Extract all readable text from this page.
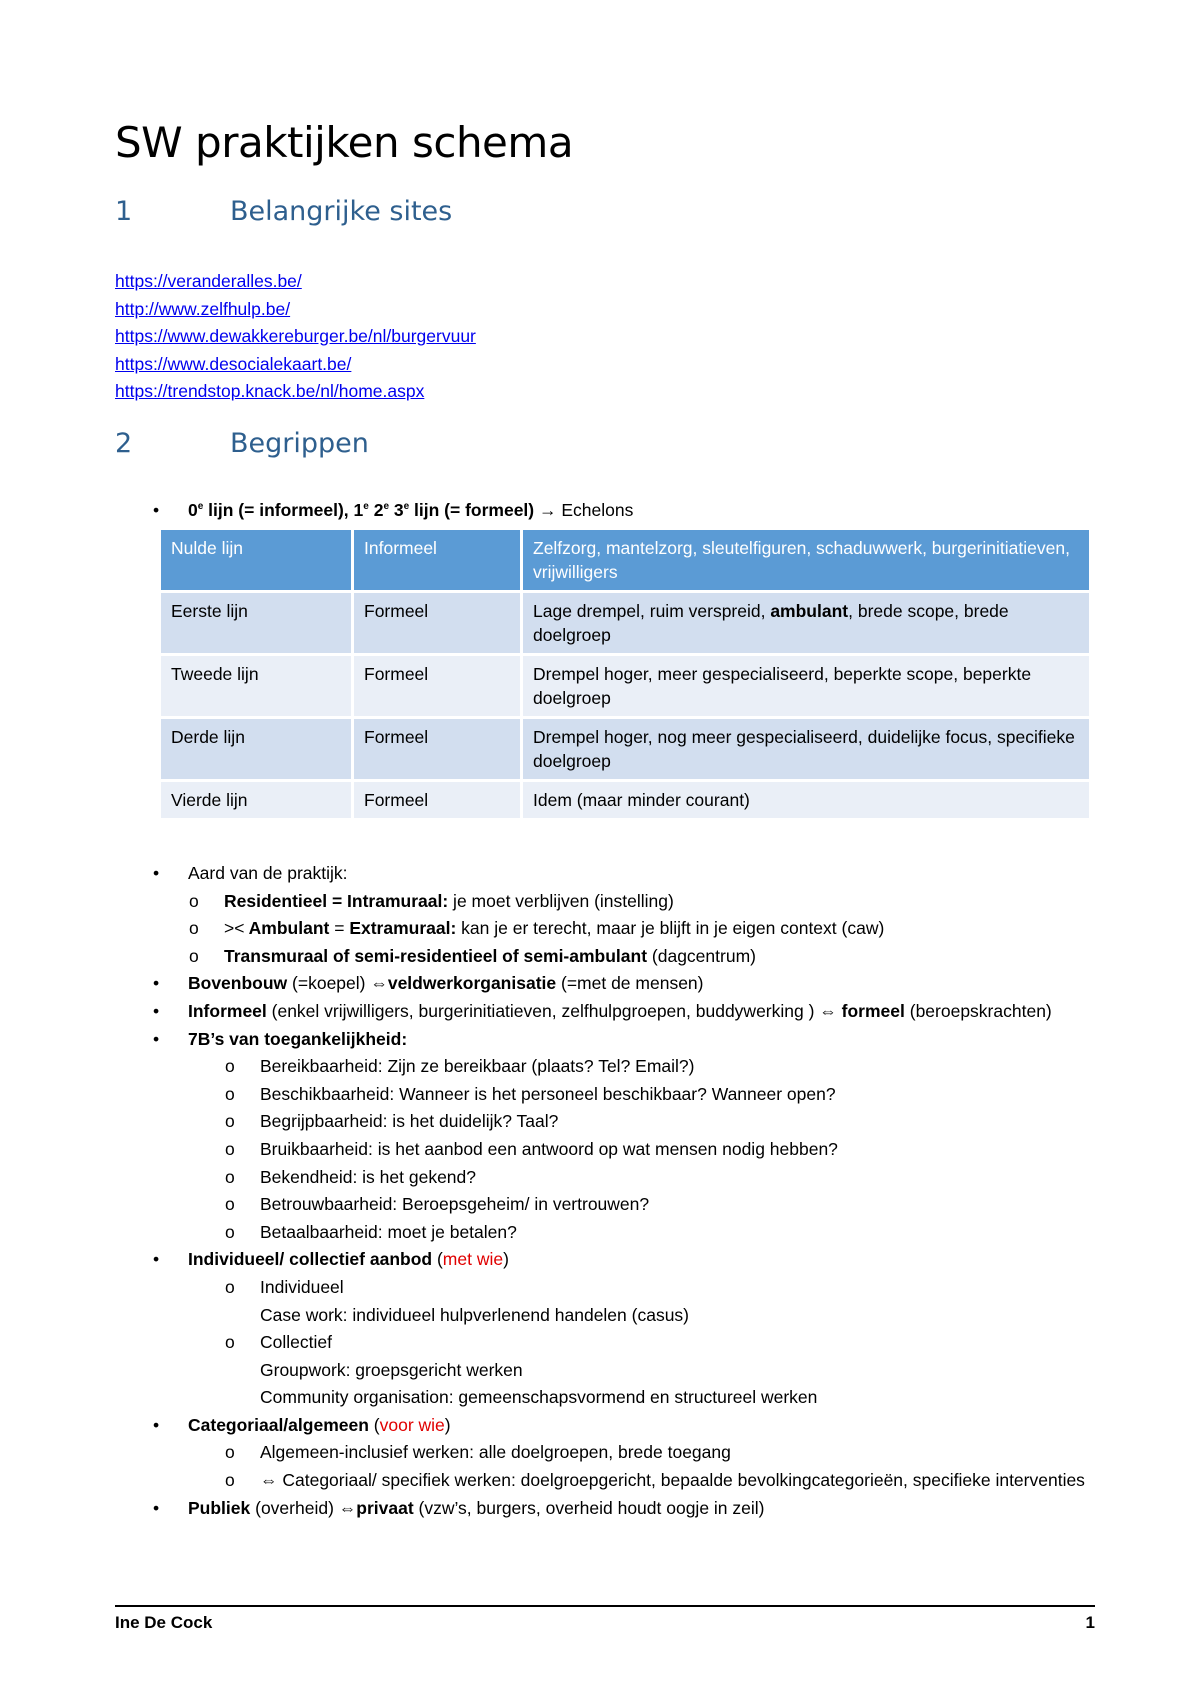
SW praktijken schema
1	Belangrijke sites
https://veranderalles.be/
http://www.zelfhulp.be/
https://www.dewakkereburger.be/nl/burgervuur
https://www.desocialekaart.be/
https://trendstop.knack.be/nl/home.aspx
2	Begrippen
• 0e lijn (= informeel), 1e 2e 3e lijn (= formeel) → Echelons
Nulde lijn	Informeel	Zelfzorg, mantelzorg, sleutelfiguren, schaduwwerk, burgerinitiatieven, vrijwilligers
Eerste lijn	Formeel	Lage drempel, ruim verspreid, ambulant, brede scope, brede doelgroep
Tweede lijn	Formeel	Drempel hoger, meer gespecialiseerd, beperkte scope, beperkte doelgroep
Derde lijn	Formeel	Drempel hoger, nog meer gespecialiseerd, duidelijke focus, specifieke doelgroep
Vierde lijn	Formeel	Idem (maar minder courant)
• Aard van de praktijk:
o Residentieel = Intramuraal: je moet verblijven (instelling)
o >< Ambulant = Extramuraal: kan je er terecht, maar je blijft in je eigen context (caw)
o Transmuraal of semi-residentieel of semi-ambulant (dagcentrum)
• Bovenbouw (=koepel) ⇔veldwerkorganisatie (=met de mensen)
• Informeel (enkel vrijwilligers, burgerinitiatieven, zelfhulpgroepen, buddywerking ) ⇔ formeel (beroepskrachten)
• 7B’s van toegankelijkheid:
o Bereikbaarheid: Zijn ze bereikbaar (plaats? Tel? Email?)
o Beschikbaarheid: Wanneer is het personeel beschikbaar? Wanneer open?
o Begrijpbaarheid: is het duidelijk? Taal?
o Bruikbaarheid: is het aanbod een antwoord op wat mensen nodig hebben?
o Bekendheid: is het gekend?
o Betrouwbaarheid: Beroepsgeheim/ in vertrouwen?
o Betaalbaarheid: moet je betalen?
• Individueel/ collectief aanbod (met wie)
o Individueel
Case work: individueel hulpverlenend handelen (casus)
o Collectief
Groupwork: groepsgericht werken
Community organisation: gemeenschapsvormend en structureel werken
• Categoriaal/algemeen (voor wie)
o Algemeen-inclusief werken: alle doelgroepen, brede toegang
o ⇔ Categoriaal/ specifiek werken: doelgroepgericht, bepaalde bevolkingcategorieën, specifieke interventies
• Publiek (overheid) ⇔privaat (vzw’s, burgers, overheid houdt oogje in zeil)
Ine De Cock	1
